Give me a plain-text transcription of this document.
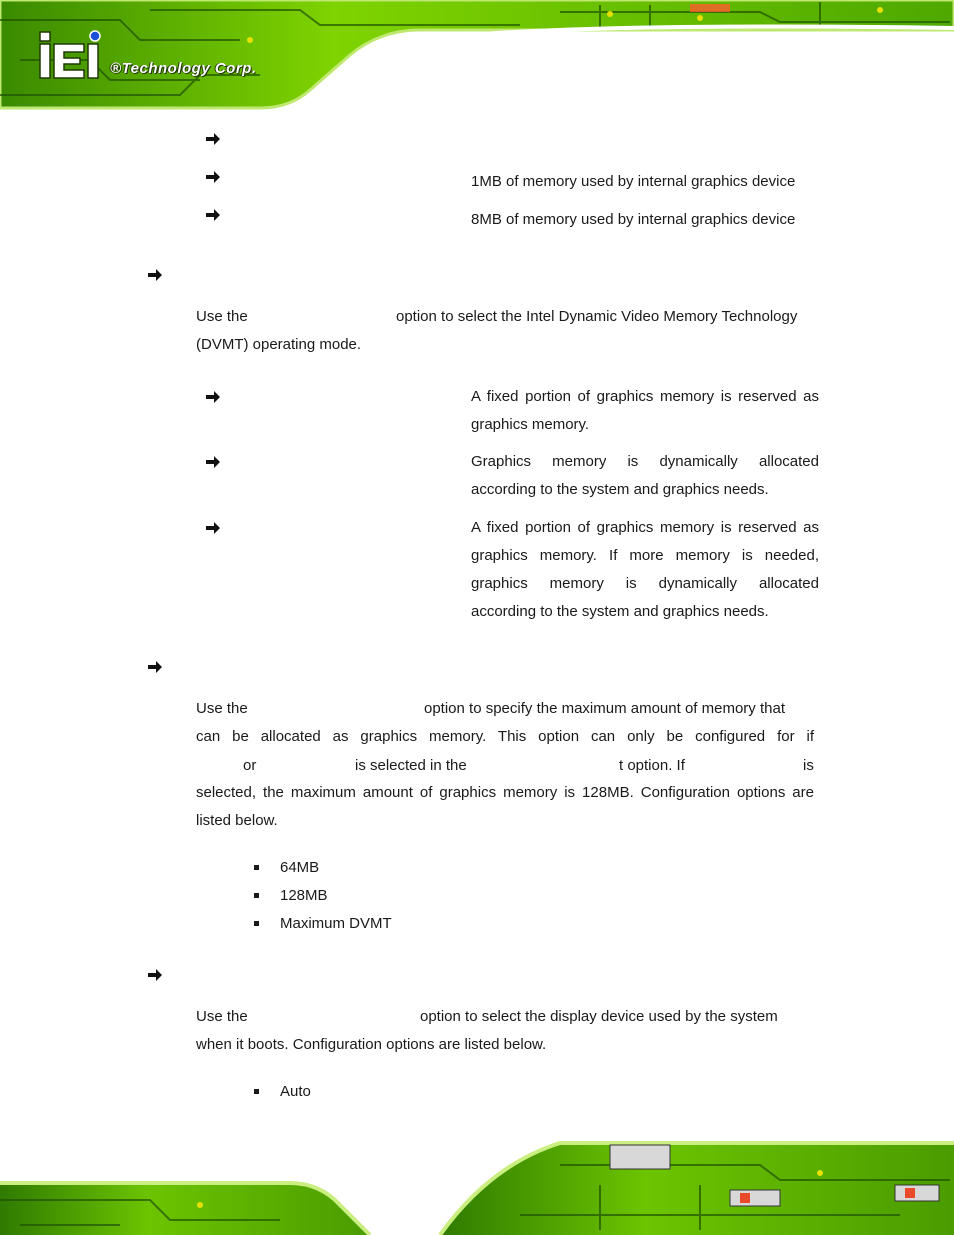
®Technology Corp.
1MB of memory used by internal graphics device
8MB of memory used by internal graphics device
Use the	option to select the Intel Dynamic Video Memory Technology
(DVMT) operating mode.
A fixed portion of graphics memory is reserved as
graphics memory.
Graphics memory is dynamically allocated
according to the system and graphics needs.
A fixed portion of graphics memory is reserved as
graphics memory. If more memory is needed,
graphics memory is dynamically allocated
according to the system and graphics needs.
Use the	option to specify the maximum amount of memory that
can be allocated as graphics memory. This option can only be configured for if
or	is selected in the	t option. If	is
selected, the maximum amount of graphics memory is 128MB. Configuration options are
listed below.
64MB
128MB
Maximum DVMT
Use the	option to select the display device used by the system
when it boots. Configuration options are listed below.
Auto
